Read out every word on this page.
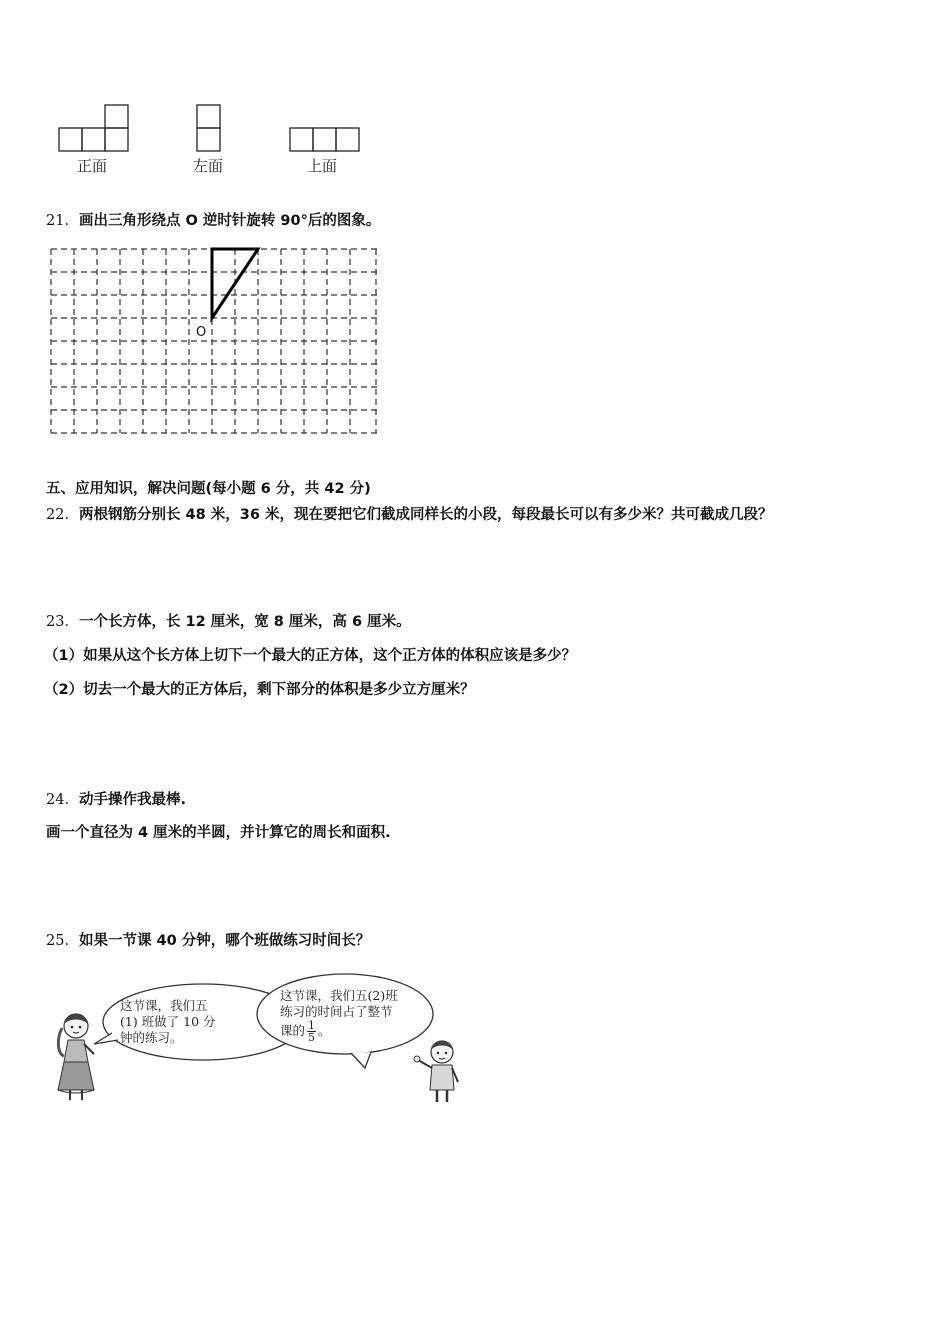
正面	左面	上面
21．画出三角形绕点 O 逆时针旋转 90°后的图象。
O
五、应用知识，解决问题(每小题 6 分，共 42 分)
22．两根钢筋分别长 48 米，36 米，现在要把它们截成同样长的小段，每段最长可以有多少米？共可截成几段？
23．一个长方体，长 12 厘米，宽 8 厘米，高 6 厘米。
（1）如果从这个长方体上切下一个最大的正方体，这个正方体的体积应该是多少？
（2）切去一个最大的正方体后，剩下部分的体积是多少立方厘米？
24．动手操作我最棒.
画一个直径为 4 厘米的半圆，并计算它的周长和面积.
25．如果一节课 40 分钟，哪个班做练习时间长？
这节课，我们五
(1) 班做了 10 分
钟的练习。
这节课，我们五(2)班
练习的时间占了整节
课的 $\frac{1}{5}$ 。
